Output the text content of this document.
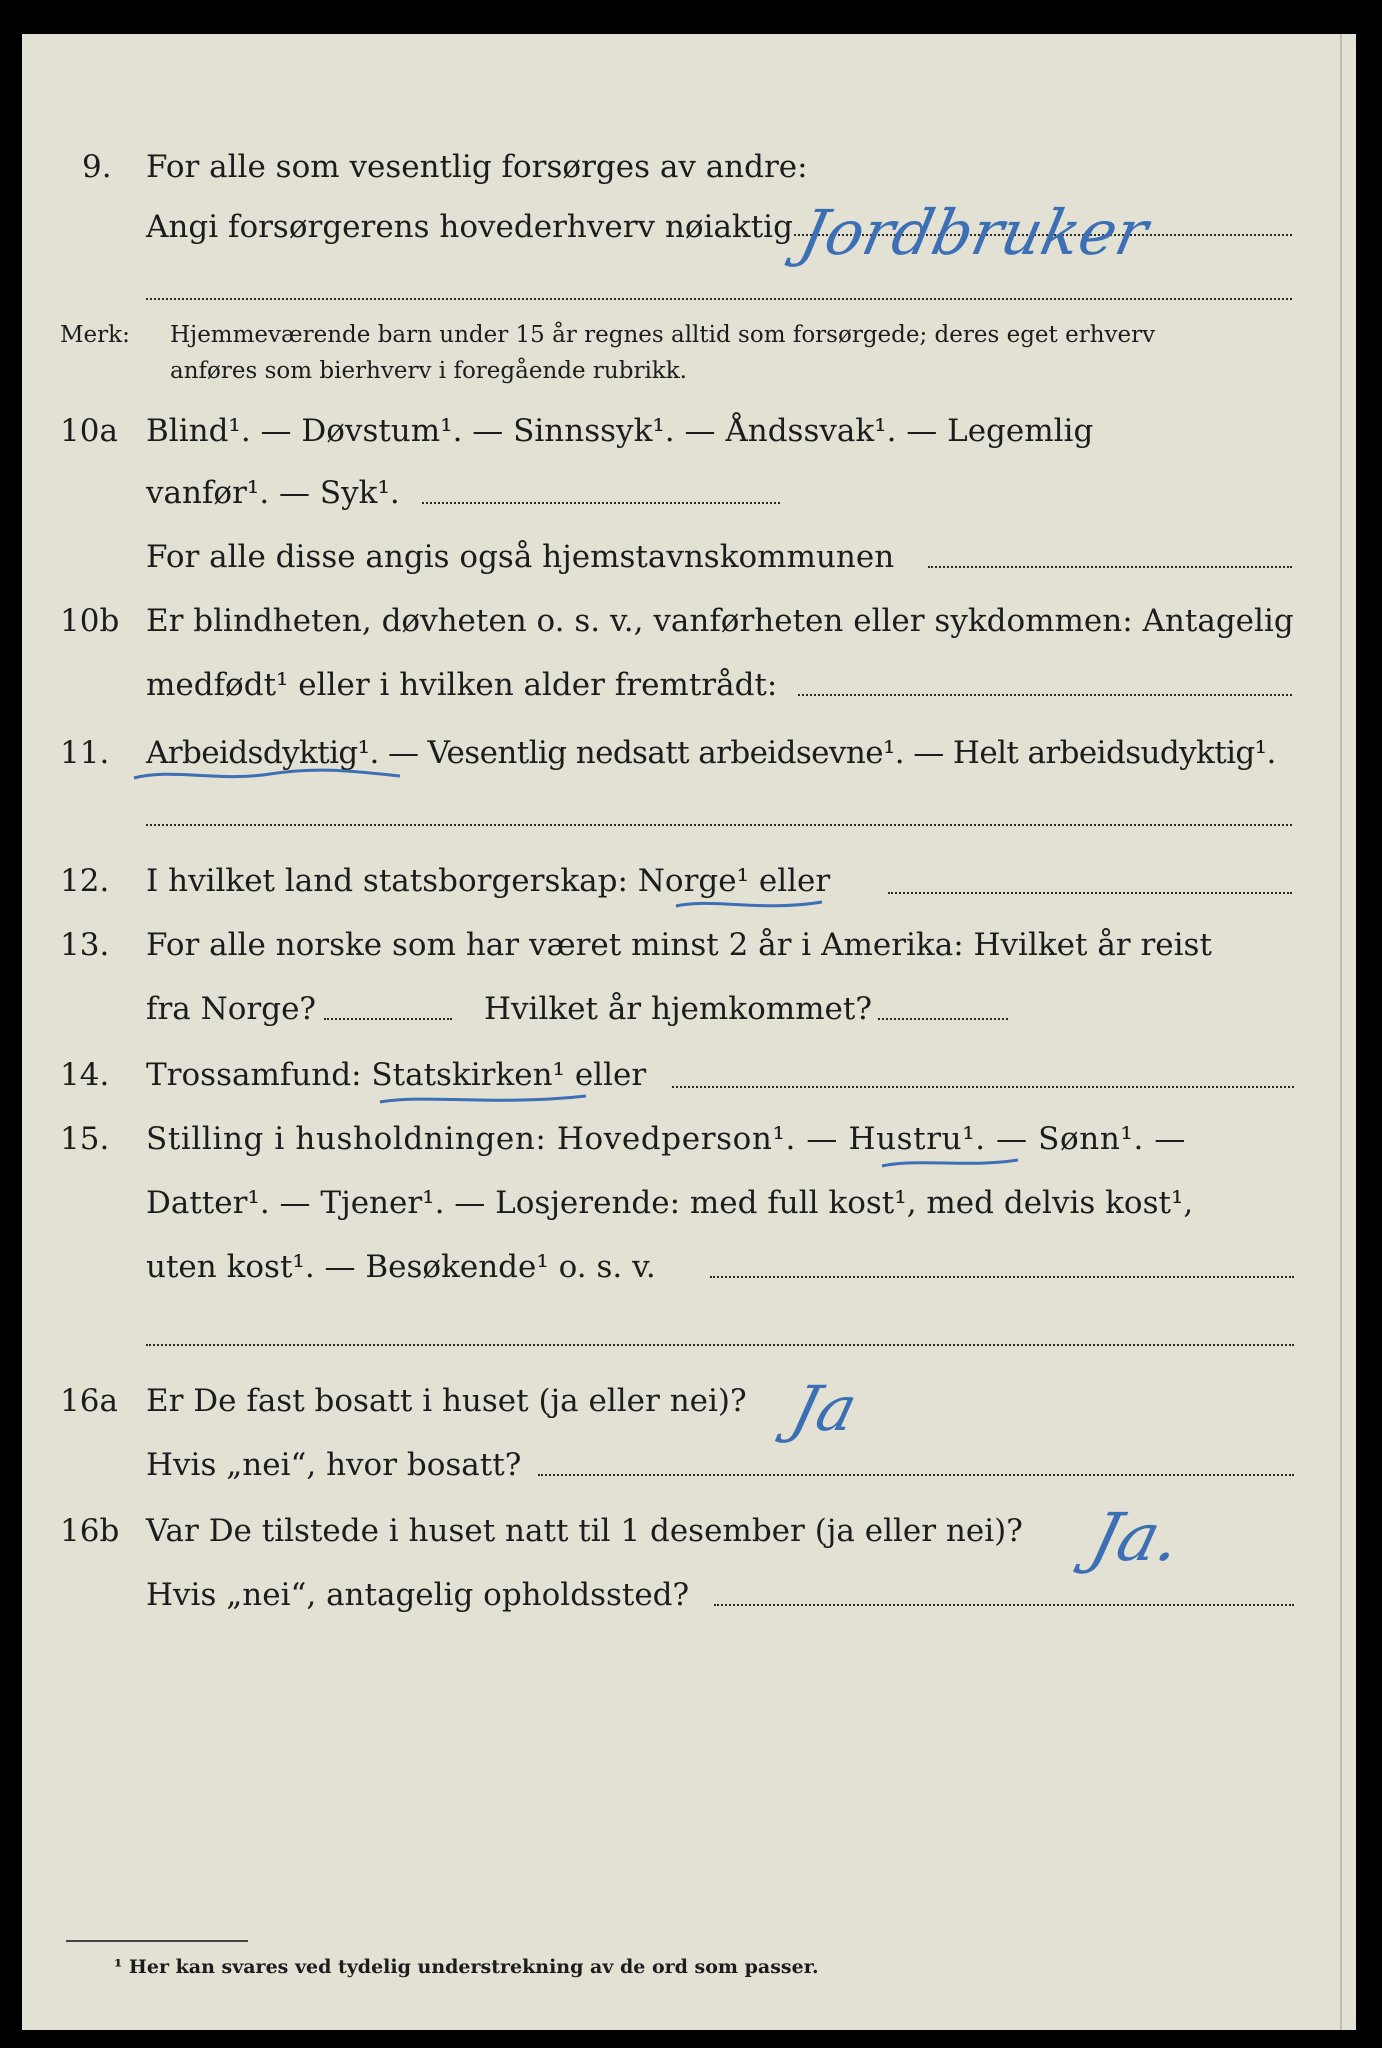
9. For alle som vesentlig forsørges av andre:
Angi forsørgerens hovederhverv nøiaktig Jordbruker
Merk: Hjemmeværende barn under 15 år regnes alltid som forsørgede; deres eget erhverv
anføres som bierhverv i foregående rubrikk.
10a Blind¹. — Døvstum¹. — Sinnssyk¹. — Åndssvak¹. — Legemlig
vanfør¹. — Syk¹.
For alle disse angis også hjemstavnskommunen
10b Er blindheten, døvheten o. s. v., vanførheten eller sykdommen: Antagelig
medfødt¹ eller i hvilken alder fremtrådt:
11. Arbeidsdyktig¹. — Vesentlig nedsatt arbeidsevne¹. — Helt arbeidsudyktig¹.
12. I hvilket land statsborgerskap: Norge¹ eller
13. For alle norske som har været minst 2 år i Amerika: Hvilket år reist
fra Norge?	Hvilket år hjemkommet?
14. Trossamfund: Statskirken¹ eller
15. Stilling i husholdningen: Hovedperson¹. — Hustru¹. — Sønn¹. —
Datter¹. — Tjener¹. — Losjerende: med full kost¹, med delvis kost¹,
uten kost¹. — Besøkende¹ o. s. v.
16a Er De fast bosatt i huset (ja eller nei)? Ja
Hvis „nei“, hvor bosatt?
16b Var De tilstede i huset natt til 1 desember (ja eller nei)? Ja.
Hvis „nei“, antagelig opholdssted?
¹ Her kan svares ved tydelig understrekning av de ord som passer.
